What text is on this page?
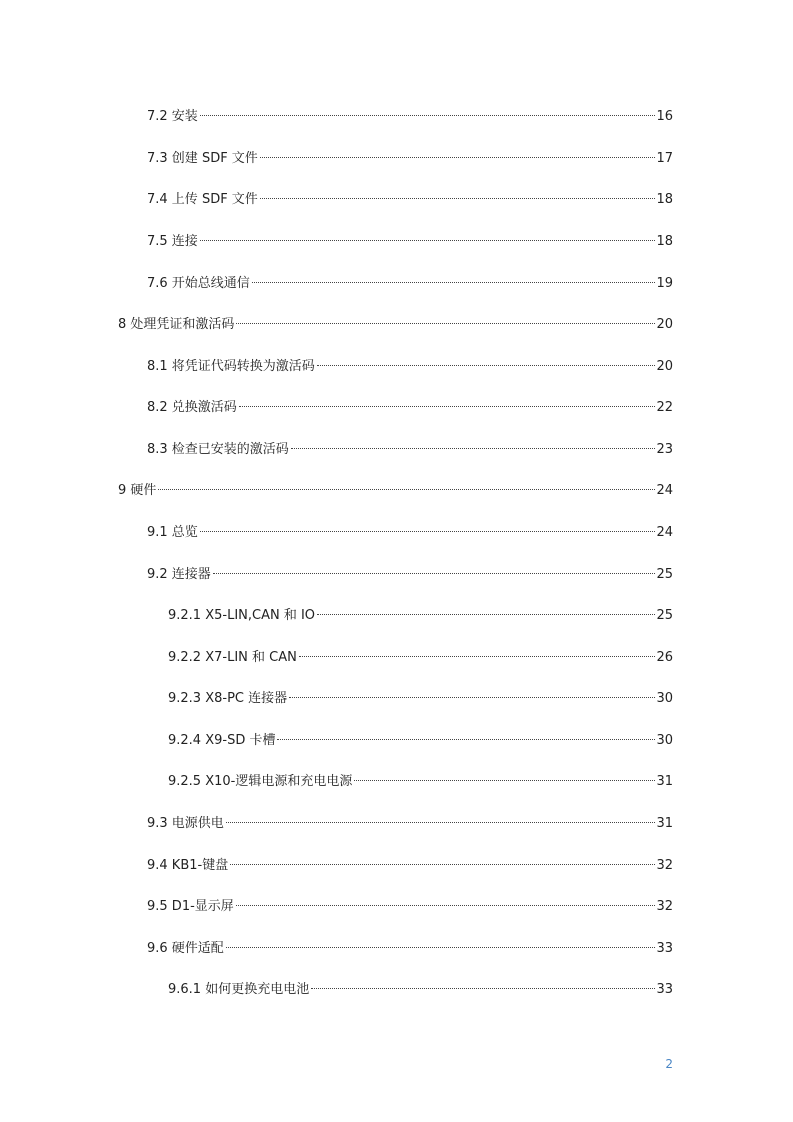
7.2 安装	16
7.3 创建 SDF 文件	17
7.4 上传 SDF 文件	18
7.5 连接	18
7.6 开始总线通信	19
8 处理凭证和激活码	20
8.1 将凭证代码转换为激活码	20
8.2 兑换激活码	22
8.3 检查已安装的激活码	23
9 硬件	24
9.1 总览	24
9.2 连接器	25
9.2.1 X5-LIN,CAN 和 IO	25
9.2.2 X7-LIN 和 CAN	26
9.2.3 X8-PC 连接器	30
9.2.4 X9-SD 卡槽	30
9.2.5 X10-逻辑电源和充电电源	31
9.3 电源供电	31
9.4 KB1-键盘	32
9.5 D1-显示屏	32
9.6 硬件适配	33
9.6.1 如何更换充电电池	33
2
